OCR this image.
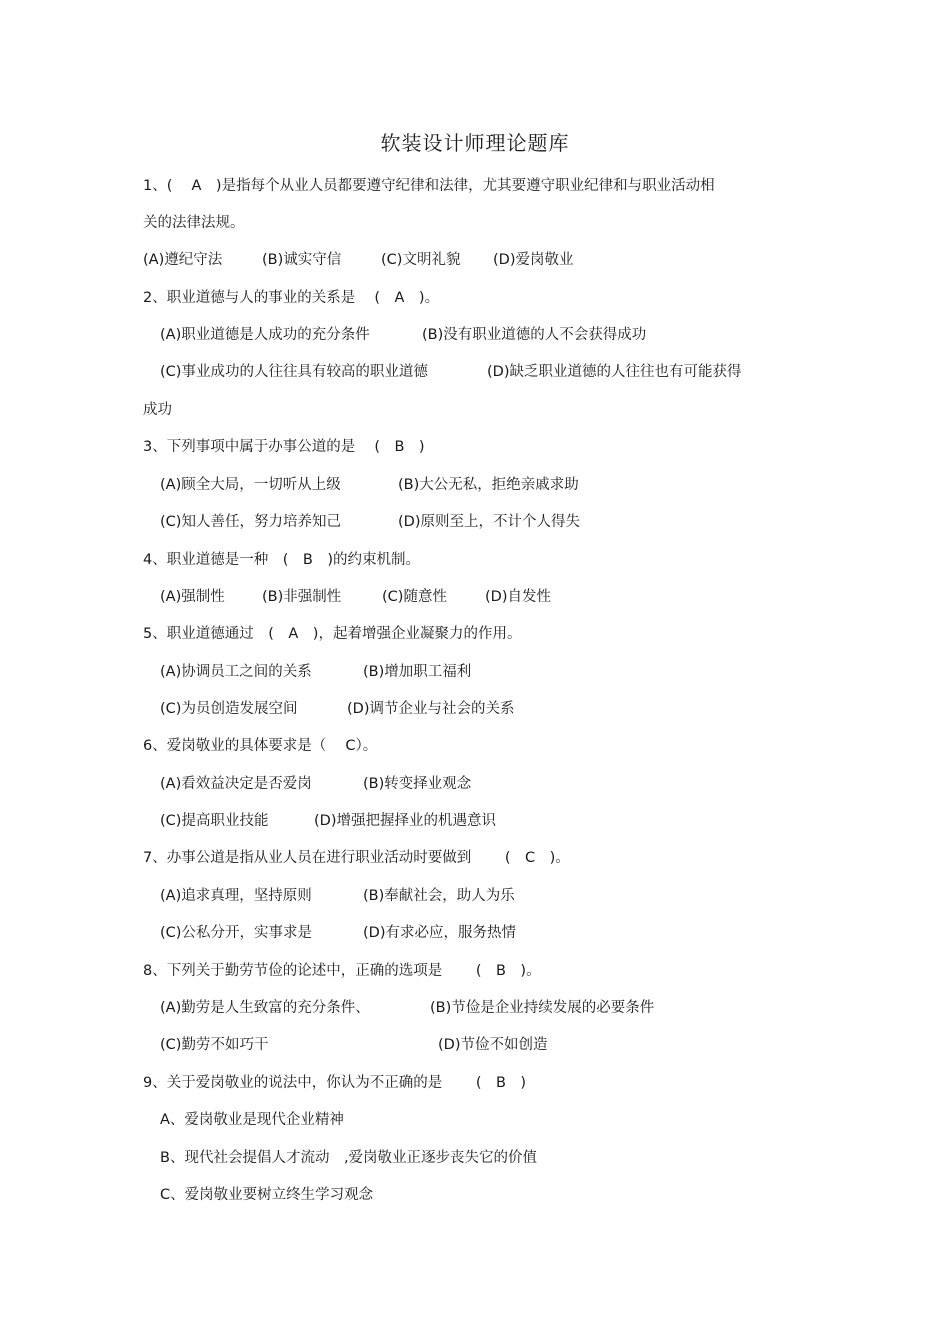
软装设计师理论题库
1、(　 A　)是指每个从业人员都要遵守纪律和法律，尤其要遵守职业纪律和与职业活动相
关的法律法规。
(A)遵纪守法	(B)诚实守信	(C)文明礼貌 (D)爱岗敬业
2、职业道德与人的事业的关系是　 (　A　)。
(A)职业道德是人成功的充分条件	(B)没有职业道德的人不会获得成功
(C)事业成功的人往往具有较高的职业道德	(D)缺乏职业道德的人往往也有可能获得
成功
3、下列事项中属于办事公道的是　 (　B　)
(A)顾全大局，一切听从上级	(B)大公无私，拒绝亲戚求助
(C)知人善任，努力培养知己	(D)原则至上，不计个人得失
4、职业道德是一种　(　B　)的约束机制。
(A)强制性	(B)非强制性	(C)随意性	(D)自发性
5、职业道德通过　(　A　)，起着增强企业凝聚力的作用。
(A)协调员工之间的关系	(B)增加职工福利
(C)为员创造发展空间	(D)调节企业与社会的关系
6、爱岗敬业的具体要求是（　 C）。
(A)看效益决定是否爱岗	(B)转变择业观念
(C)提高职业技能	(D)增强把握择业的机遇意识
7、办事公道是指从业人员在进行职业活动时要做到　　 (　C　)。
(A)追求真理，坚持原则	(B)奉献社会，助人为乐
(C)公私分开，实事求是	(D)有求必应，服务热情
8、下列关于勤劳节俭的论述中，正确的选项是　　 (　B　)。
(A)勤劳是人生致富的充分条件、	(B)节俭是企业持续发展的必要条件
(C)勤劳不如巧干	(D)节俭不如创造
9、关于爱岗敬业的说法中，你认为不正确的是　　 (　B　)
A、爱岗敬业是现代企业精神
B、现代社会提倡人才流动　,爱岗敬业正逐步丧失它的价值
C、爱岗敬业要树立终生学习观念
